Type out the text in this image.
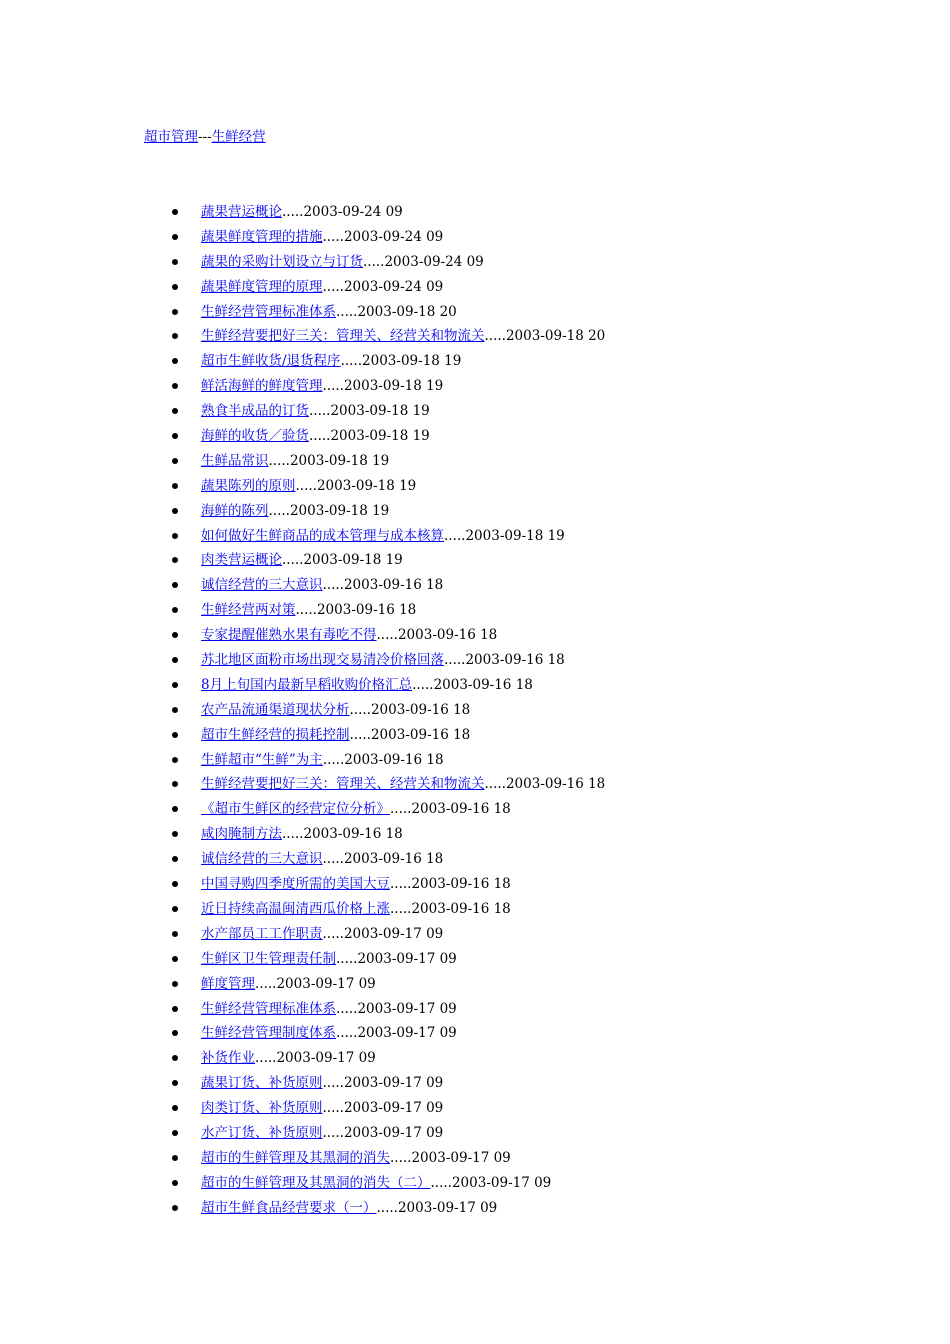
超市管理---生鲜经营
蔬果营运概论.....2003-09-24 09
蔬果鲜度管理的措施.....2003-09-24 09
蔬果的采购计划设立与订货.....2003-09-24 09
蔬果鲜度管理的原理.....2003-09-24 09
生鲜经营管理标准体系.....2003-09-18 20
生鲜经营要把好三关：管理关、经营关和物流关.....2003-09-18 20
超市生鲜收货/退货程序.....2003-09-18 19
鲜活海鲜的鲜度管理.....2003-09-18 19
熟食半成品的订货.....2003-09-18 19
海鲜的收货／验货.....2003-09-18 19
生鲜品常识.....2003-09-18 19
蔬果陈列的原则.....2003-09-18 19
海鲜的陈列.....2003-09-18 19
如何做好生鲜商品的成本管理与成本核算.....2003-09-18 19
肉类营运概论.....2003-09-18 19
诚信经营的三大意识.....2003-09-16 18
生鲜经营两对策.....2003-09-16 18
专家提醒催熟水果有毒吃不得.....2003-09-16 18
苏北地区面粉市场出现交易清冷价格回落.....2003-09-16 18
8月上旬国内最新早稻收购价格汇总.....2003-09-16 18
农产品流通渠道现状分析.....2003-09-16 18
超市生鲜经营的损耗控制.....2003-09-16 18
生鲜超市“生鲜”为主.....2003-09-16 18
生鲜经营要把好三关：管理关、经营关和物流关.....2003-09-16 18
《超市生鲜区的经营定位分析》.....2003-09-16 18
咸肉腌制方法.....2003-09-16 18
诚信经营的三大意识.....2003-09-16 18
中国寻购四季度所需的美国大豆.....2003-09-16 18
近日持续高温闽清西瓜价格上涨.....2003-09-16 18
水产部员工工作职责.....2003-09-17 09
生鲜区卫生管理责任制.....2003-09-17 09
鲜度管理.....2003-09-17 09
生鲜经营管理标准体系.....2003-09-17 09
生鲜经营管理制度体系.....2003-09-17 09
补货作业.....2003-09-17 09
蔬果订货、补货原则.....2003-09-17 09
肉类订货、补货原则.....2003-09-17 09
水产订货、补货原则.....2003-09-17 09
超市的生鲜管理及其黑洞的消失.....2003-09-17 09
超市的生鲜管理及其黑洞的消失（二）.....2003-09-17 09
超市生鲜食品经营要求（一）.....2003-09-17 09
